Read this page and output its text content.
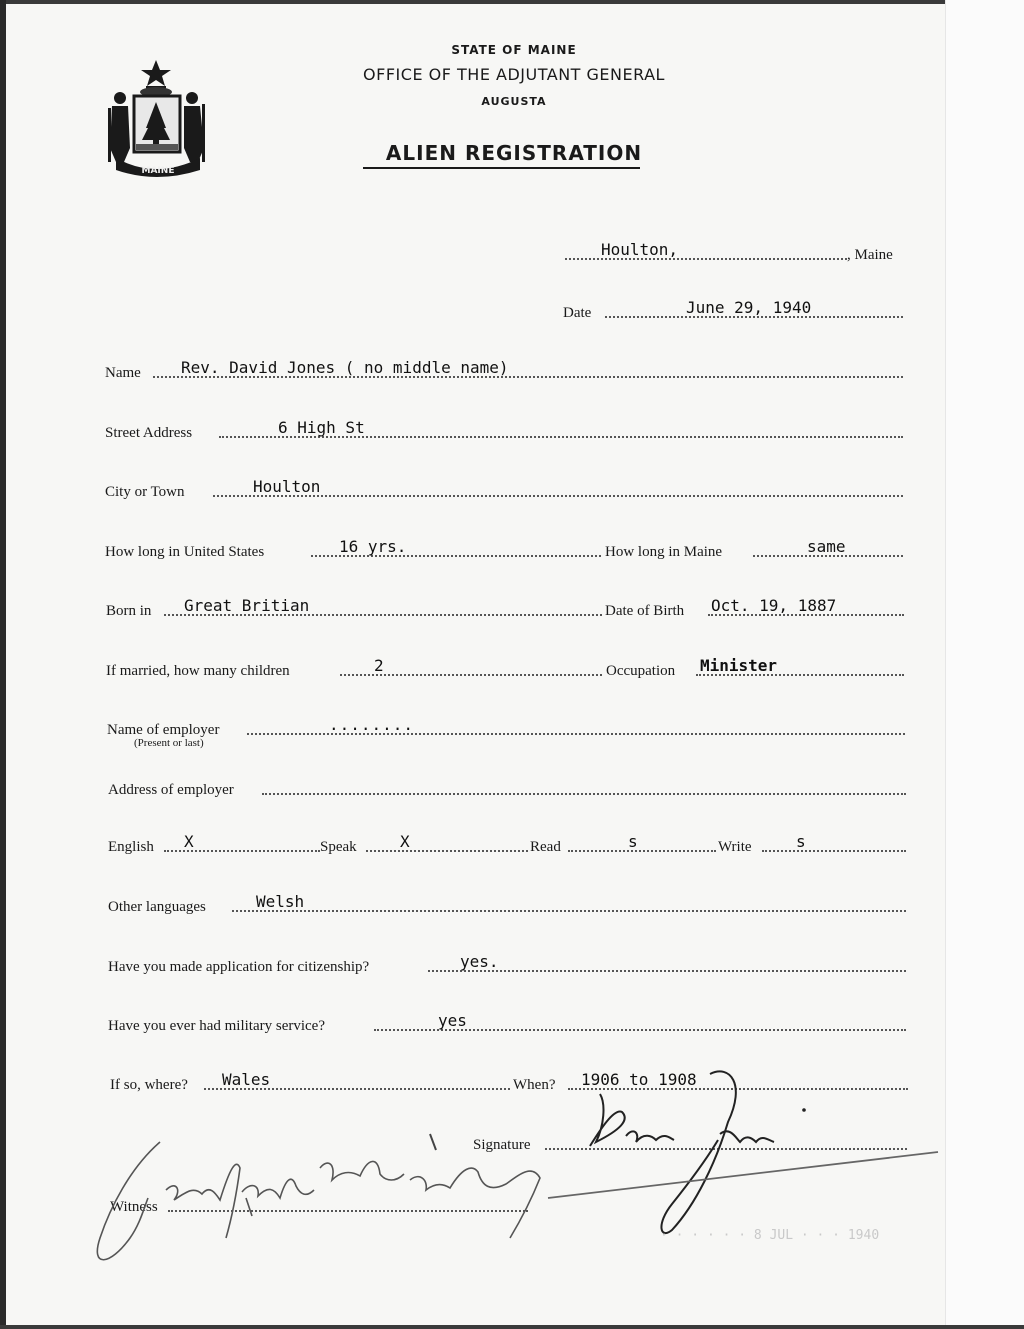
MAINE
STATE OF MAINE
OFFICE OF THE ADJUTANT GENERAL
AUGUSTA
ALIEN REGISTRATION
Houlton,	, Maine
Date	June 29, 1940
Name	Rev. David Jones ( no middle name)
Street Address	6 High St
City or Town	Houlton
How long in United States	16 yrs.	How long in Maine	same
Born in Great Britian	Date of Birth Oct. 19, 1887
If married, how many children	2	Occupation Minister
Name of employer	........
(Present or last)
Address of employer
English X	Speak	X	Read	s	Write	s
Other languages	Welsh
Have you made application for citizenship?	yes.
Have you ever had military service?	yes
If so, where? Wales	When? 1906 to 1908
Signature
Witness
· · · · · · 8 JUL · · · 1940
